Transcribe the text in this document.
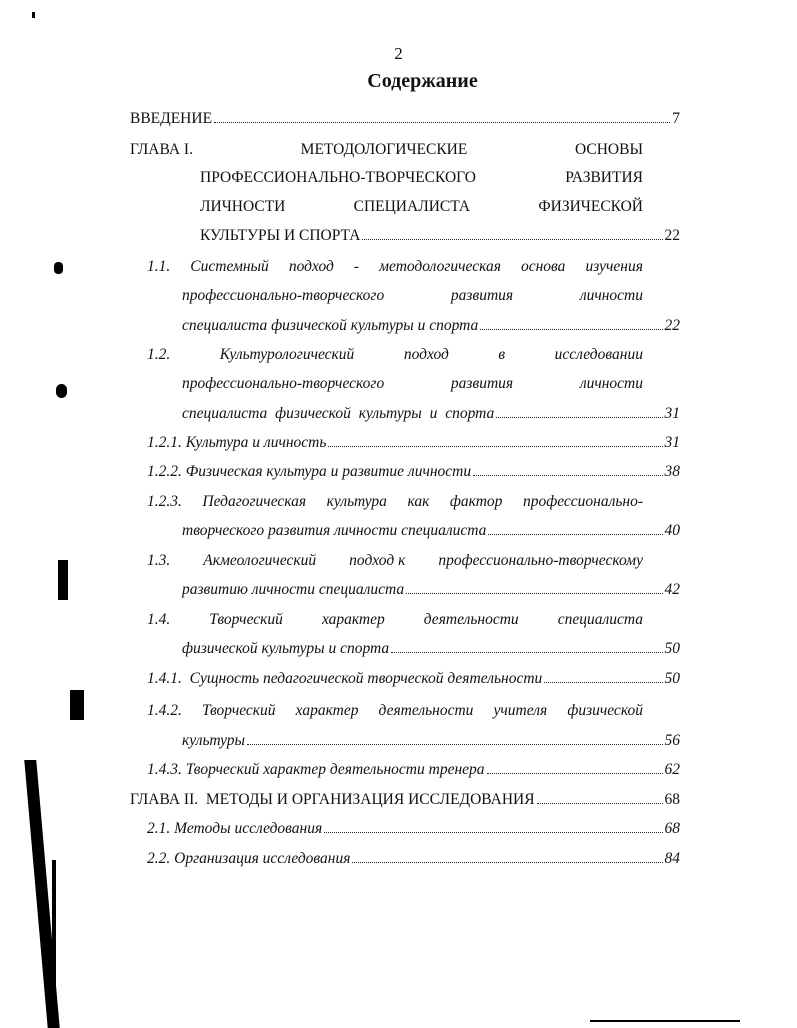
2
Содержание
ВВЕДЕНИЕ	7
ГЛАВА I.	МЕТОДОЛОГИЧЕСКИЕ	ОСНОВЫ
ПРОФЕССИОНАЛЬНО-ТВОРЧЕСКОГО	РАЗВИТИЯ
ЛИЧНОСТИ	СПЕЦИАЛИСТА	ФИЗИЧЕСКОЙ
КУЛЬТУРЫ И СПОРТА	22
1.1. Системный подход - методологическая основа изучения
профессионально-творческого	развития	личности
специалиста физической культуры и спорта	22
1.2.	Культурологический	подход	в	исследовании
профессионально-творческого	развития	личности
специалиста физической культуры и спорта	31
1.2.1. Культура и личность	31
1.2.2. Физическая культура и развитие личности	38
1.2.3. Педагогическая культура как фактор профессионально-
творческого развития личности специалиста	40
1.3. Акмеологический подход к профессионально-творческому
развитию личности специалиста	42
1.4.	Творческий	характер	деятельности	специалиста
физической культуры и спорта	50
1.4.1.  Сущность педагогической творческой деятельности	50
1.4.2. Творческий характер деятельности учителя физической
культуры	56
1.4.3. Творческий характер деятельности тренера	62
ГЛАВА II.  МЕТОДЫ И ОРГАНИЗАЦИЯ ИССЛЕДОВАНИЯ	68
2.1. Методы исследования	68
2.2. Организация исследования	84
